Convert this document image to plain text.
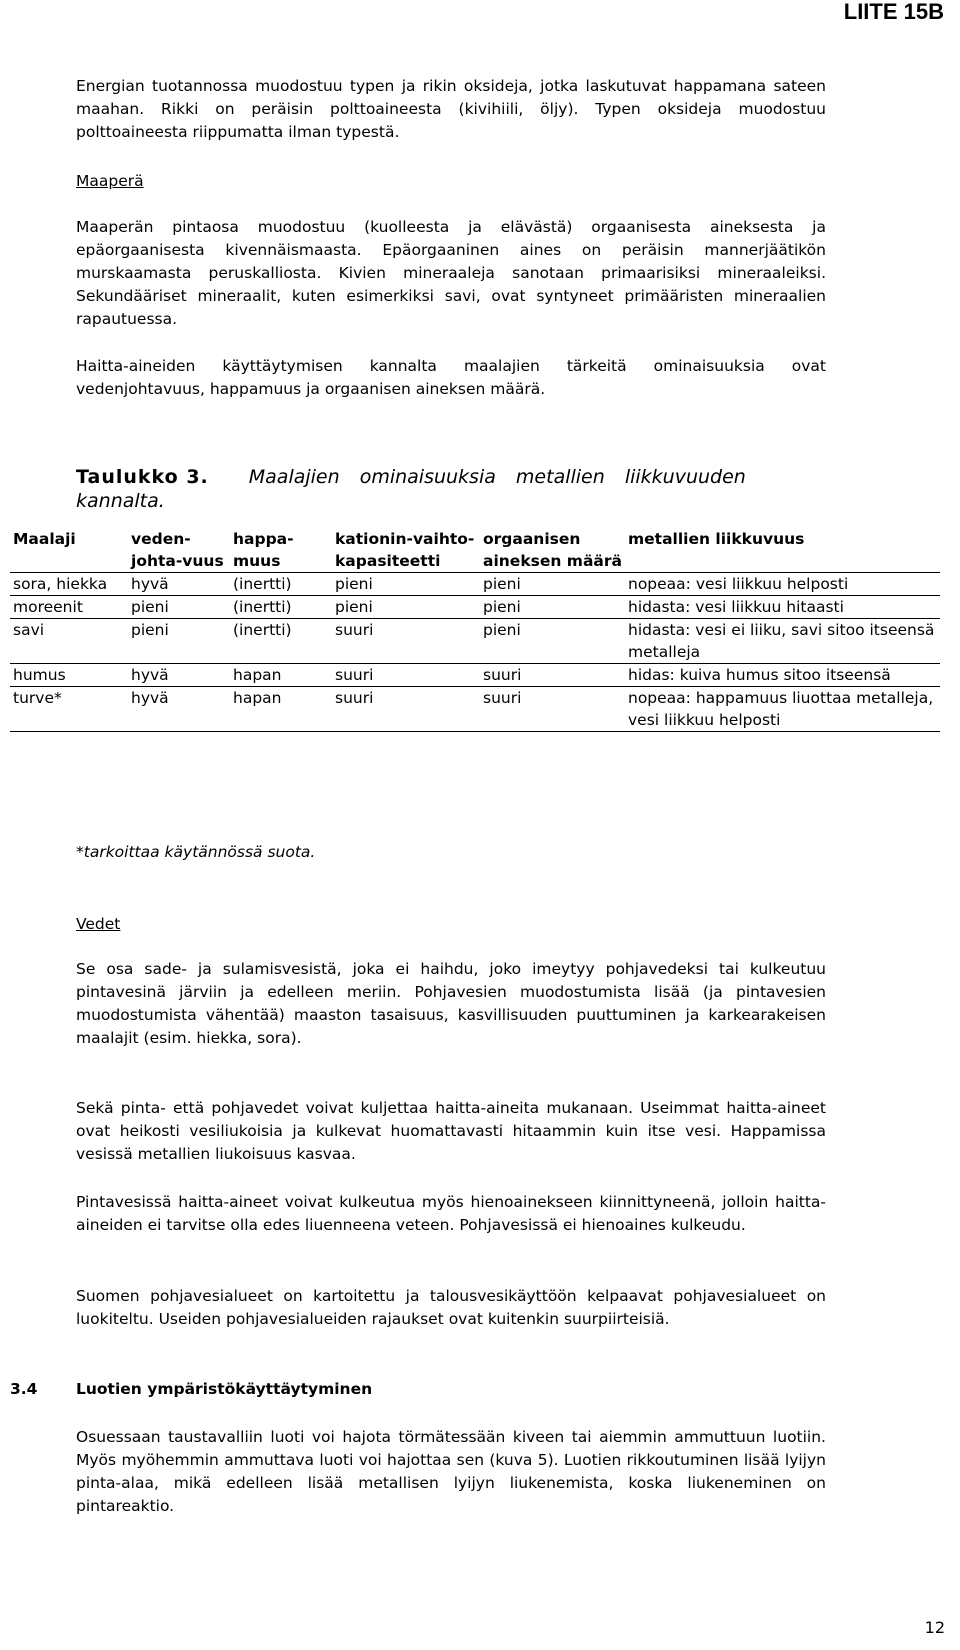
LIITE 15B

Energian tuotannossa muodostuu typen ja rikin oksideja, jotka laskutuvat happamana sateen maahan. Rikki on peräisin polttoaineesta (kivihiili, öljy). Typen oksideja muodostuu polttoaineesta riippumatta ilman typestä.

Maaperä

Maaperän pintaosa muodostuu (kuolleesta ja elävästä) orgaanisesta aineksesta ja epäorgaanisesta kivennäismaasta. Epäorgaaninen aines on peräisin mannerjäätikön murskaamasta peruskalliosta. Kivien mineraaleja sanotaan primaarisiksi mineraaleiksi. Sekundääriset mineraalit, kuten esimerkiksi savi, ovat syntyneet primääristen mineraalien rapautuessa.

Haitta-aineiden käyttäytymisen kannalta maalajien tärkeitä ominaisuuksia ovat vedenjohtavuus, happamuus ja orgaanisen aineksen määrä.

Taulukko 3. Maalajien ominaisuuksia metallien liikkuvuuden kannalta.

Maalaji	veden-johta-vuus	happa-muus	kationin-vaihto-kapasiteetti	orgaanisen aineksen määrä	metallien liikkuvuus
sora, hiekka	hyvä	(inertti)	pieni	pieni	nopeaa: vesi liikkuu helposti
moreenit	pieni	(inertti)	pieni	pieni	hidasta: vesi liikkuu hitaasti
savi	pieni	(inertti)	suuri	pieni	hidasta: vesi ei liiku, savi sitoo itseensä metalleja
humus	hyvä	hapan	suuri	suuri	hidas: kuiva humus sitoo itseensä
turve*	hyvä	hapan	suuri	suuri	nopeaa: happamuus liuottaa metalleja, vesi liikkuu helposti

*tarkoittaa käytännössä suota.

Vedet

Se osa sade- ja sulamisvesistä, joka ei haihdu, joko imeytyy pohjavedeksi tai kulkeutuu pintavesinä järviin ja edelleen meriin. Pohjavesien muodostumista lisää (ja pintavesien muodostumista vähentää) maaston tasaisuus, kasvillisuuden puuttuminen ja karkearakeisen maalajit (esim. hiekka, sora).

Sekä pinta- että pohjavedet voivat kuljettaa haitta-aineita mukanaan. Useimmat haitta-aineet ovat heikosti vesiliukoisia ja kulkevat huomattavasti hitaammin kuin itse vesi. Happamissa vesissä metallien liukoisuus kasvaa.

Pintavesissä haitta-aineet voivat kulkeutua myös hienoainekseen kiinnittyneenä, jolloin haitta-aineiden ei tarvitse olla edes liuenneena veteen. Pohjavesissä ei hienoaines kulkeudu.

Suomen pohjavesialueet on kartoitettu ja talousvesikäyttöön kelpaavat pohjavesialueet on luokiteltu. Useiden pohjavesialueiden rajaukset ovat kuitenkin suurpiirteisiä.

3.4 Luotien ympäristökäyttäytyminen

Osuessaan taustavalliin luoti voi hajota törmätessään kiveen tai aiemmin ammuttuun luotiin. Myös myöhemmin ammuttava luoti voi hajottaa sen (kuva 5). Luotien rikkoutuminen lisää lyijyn pinta-alaa, mikä edelleen lisää metallisen lyijyn liukenemista, koska liukeneminen on pintareaktio.

12
